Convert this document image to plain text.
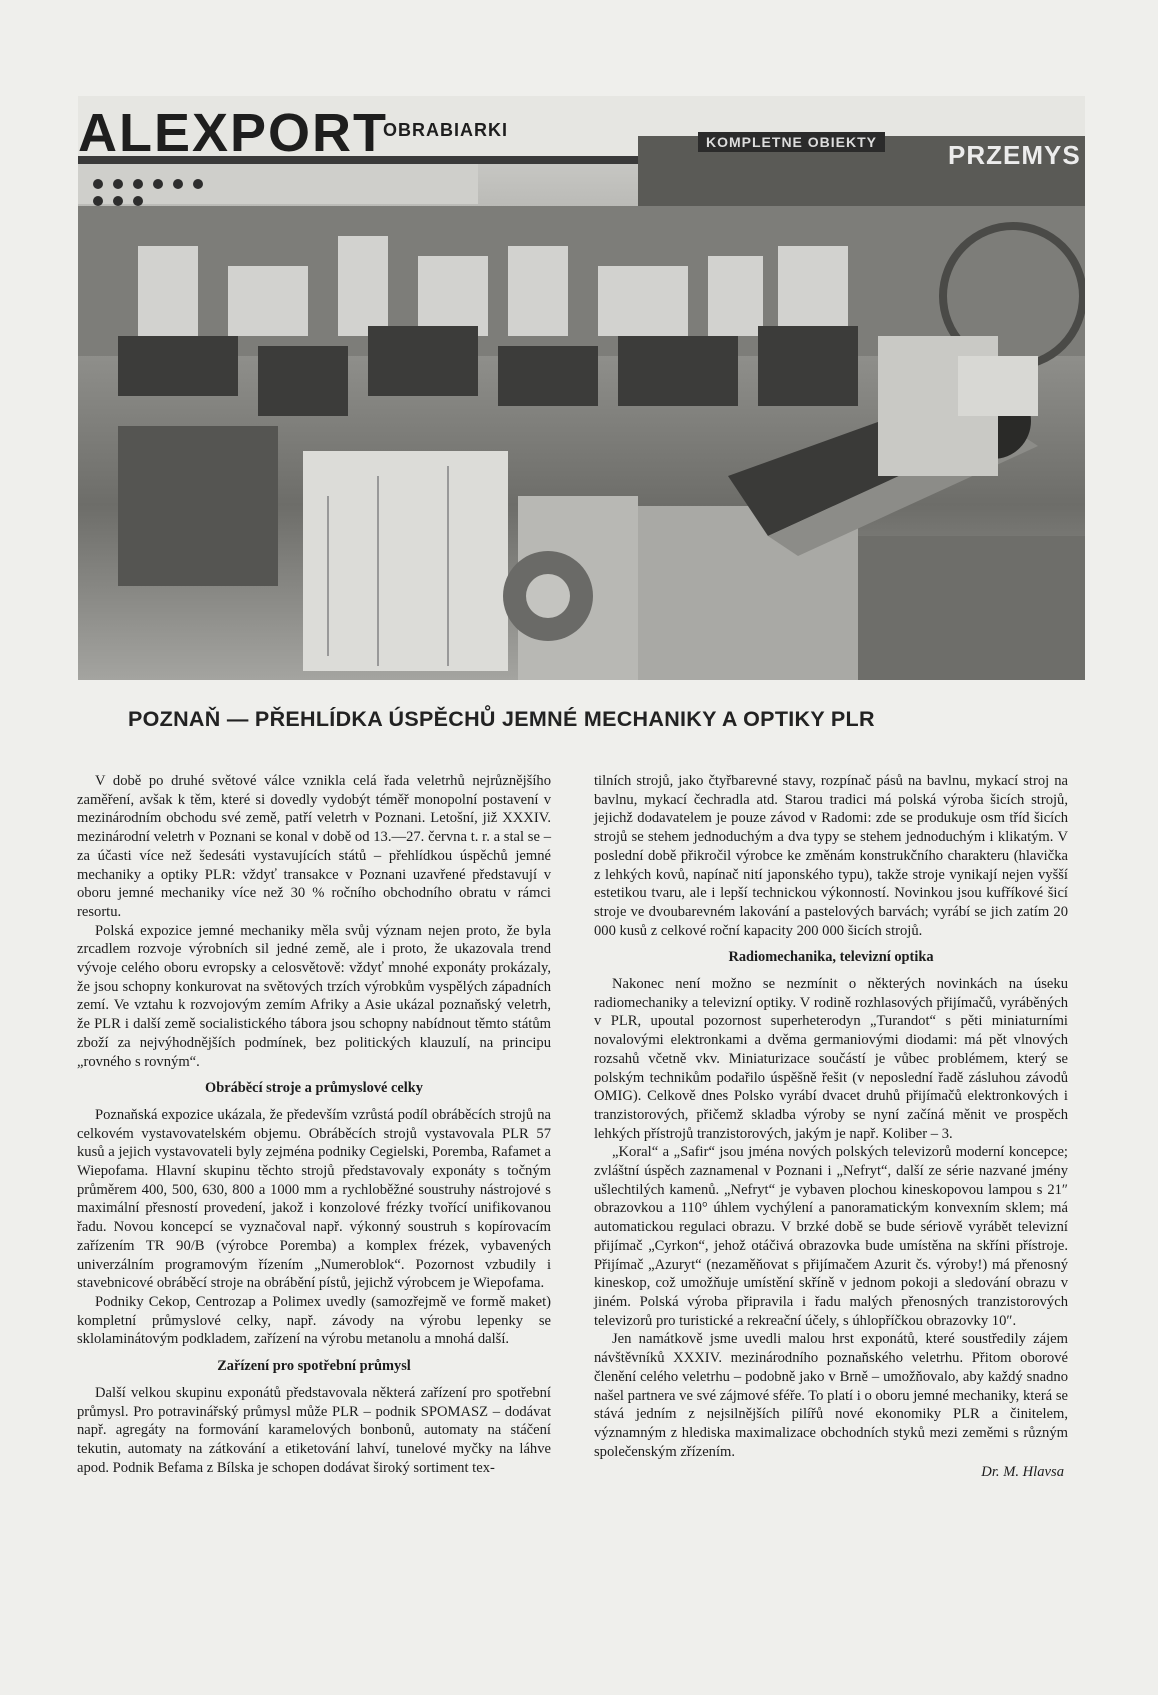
ALEXPORT
OBRABIARKI
KOMPLETNE OBIEKTY	PRZEMYS
POZNAŇ — PŘEHLÍDKA ÚSPĚCHŮ JEMNÉ MECHANIKY A OPTIKY PLR

V době po druhé světové válce vznikla celá řada veletrhů nejrůznějšího zaměření, avšak k těm, které si dovedly vydobýt téměř monopolní postavení v mezinárodním obchodu své země, patří veletrh v Poznani. Letošní, již XXXIV. mezinárodní veletrh v Poznani se konal v době od 13.—27. června t. r. a stal se – za účasti více než šedesáti vystavujících států – přehlídkou úspěchů jemné mechaniky a optiky PLR: vždyť transakce v Poznani uzavřené představují v oboru jemné mechaniky více než 30 % ročního obchodního obratu v rámci resortu.

Polská expozice jemné mechaniky měla svůj význam nejen proto, že byla zrcadlem rozvoje výrobních sil jedné země, ale i proto, že ukazovala trend vývoje celého oboru evropsky a celosvětově: vždyť mnohé exponáty prokázaly, že jsou schopny konkurovat na světových trzích výrobkům vyspělých západních zemí. Ve vztahu k rozvojovým zemím Afriky a Asie ukázal poznaňský veletrh, že PLR i další země socialistického tábora jsou schopny nabídnout těmto státům zboží za nejvýhodnějších podmínek, bez politických klauzulí, na principu „rovného s rovným“.

Obráběcí stroje a průmyslové celky

Poznaňská expozice ukázala, že především vzrůstá podíl obráběcích strojů na celkovém vystavovatelském objemu. Obráběcích strojů vystavovala PLR 57 kusů a jejich vystavovateli byly zejména podniky Cegielski, Poremba, Rafamet a Wiepofama. Hlavní skupinu těchto strojů představovaly exponáty s točným průměrem 400, 500, 630, 800 a 1000 mm a rychloběžné soustruhy nástrojové s maximální přesností provedení, jakož i konzolové frézky tvořící unifikovanou řadu. Novou koncepcí se vyznačoval např. výkonný soustruh s kopírovacím zařízením TR 90/B (výrobce Poremba) a komplex frézek, vybavených univerzálním programovým řízením „Numeroblok“. Pozornost vzbudily i stavebnicové obráběcí stroje na obrábění pístů, jejichž výrobcem je Wiepofama.

Podniky Cekop, Centrozap a Polimex uvedly (samozřejmě ve formě maket) kompletní průmyslové celky, např. závody na výrobu lepenky se sklolaminátovým podkladem, zařízení na výrobu metanolu a mnohá další.

Zařízení pro spotřební průmysl

Další velkou skupinu exponátů představovala některá zařízení pro spotřební průmysl. Pro potravinářský průmysl může PLR – podnik SPOMASZ – dodávat např. agregáty na formování karamelových bonbonů, automaty na stáčení tekutin, automaty na zátkování a etiketování lahví, tunelové myčky na láhve apod. Podnik Befama z Bílska je schopen dodávat široký sortiment tex-

tilních strojů, jako čtyřbarevné stavy, rozpínač pásů na bavlnu, mykací stroj na bavlnu, mykací čechradla atd. Starou tradici má polská výroba šicích strojů, jejichž dodavatelem je pouze závod v Radomi: zde se produkuje osm tříd šicích strojů se stehem jednoduchým a dva typy se stehem jednoduchým i klikatým. V poslední době přikročil výrobce ke změnám konstrukčního charakteru (hlavička z lehkých kovů, napínač nití japonského typu), takže stroje vynikají nejen vyšší estetikou tvaru, ale i lepší technickou výkonností. Novinkou jsou kufříkové šicí stroje ve dvoubarevném lakování a pastelových barvách; vyrábí se jich zatím 20 000 kusů z celkové roční kapacity 200 000 šicích strojů.

Radiomechanika, televizní optika

Nakonec není možno se nezmínit o některých novinkách na úseku radiomechaniky a televizní optiky. V rodině rozhlasových přijímačů, vyráběných v PLR, upoutal pozornost superheterodyn „Turandot“ s pěti miniaturními novalovými elektronkami a dvěma germaniovými diodami: má pět vlnových rozsahů včetně vkv. Miniaturizace součástí je vůbec problémem, který se polským technikům podařilo úspěšně řešit (v neposlední řadě zásluhou závodů OMIG). Celkově dnes Polsko vyrábí dvacet druhů přijímačů elektronkových i tranzistorových, přičemž skladba výroby se nyní začíná měnit ve prospěch lehkých přístrojů tranzistorových, jakým je např. Koliber – 3.

„Koral“ a „Safir“ jsou jména nových polských televizorů moderní koncepce; zvláštní úspěch zaznamenal v Poznani i „Nefryt“, další ze série nazvané jmény ušlechtilých kamenů. „Nefryt“ je vybaven plochou kineskopovou lampou s 21″ obrazovkou a 110° úhlem vychýlení a panoramatickým konvexním sklem; má automatickou regulaci obrazu. V brzké době se bude sériově vyrábět televizní přijímač „Cyrkon“, jehož otáčivá obrazovka bude umístěna na skříni přístroje. Přijímač „Azuryt“ (nezaměňovat s přijímačem Azurit čs. výroby!) má přenosný kineskop, což umožňuje umístění skříně v jednom pokoji a sledování obrazu v jiném. Polská výroba připravila i řadu malých přenosných tranzistorových televizorů pro turistické a rekreační účely, s úhlopříčkou obrazovky 10″.

Jen namátkově jsme uvedli malou hrst exponátů, které soustředily zájem návštěvníků XXXIV. mezinárodního poznaňského veletrhu. Přitom oborové členění celého veletrhu – podobně jako v Brně – umožňovalo, aby každý snadno našel partnera ve své zájmové sféře. To platí i o oboru jemné mechaniky, která se stává jedním z nejsilnějších pilířů nové ekonomiky PLR a činitelem, významným z hlediska maximalizace obchodních styků mezi zeměmi s různým společenským zřízením.

Dr. M. Hlavsa
